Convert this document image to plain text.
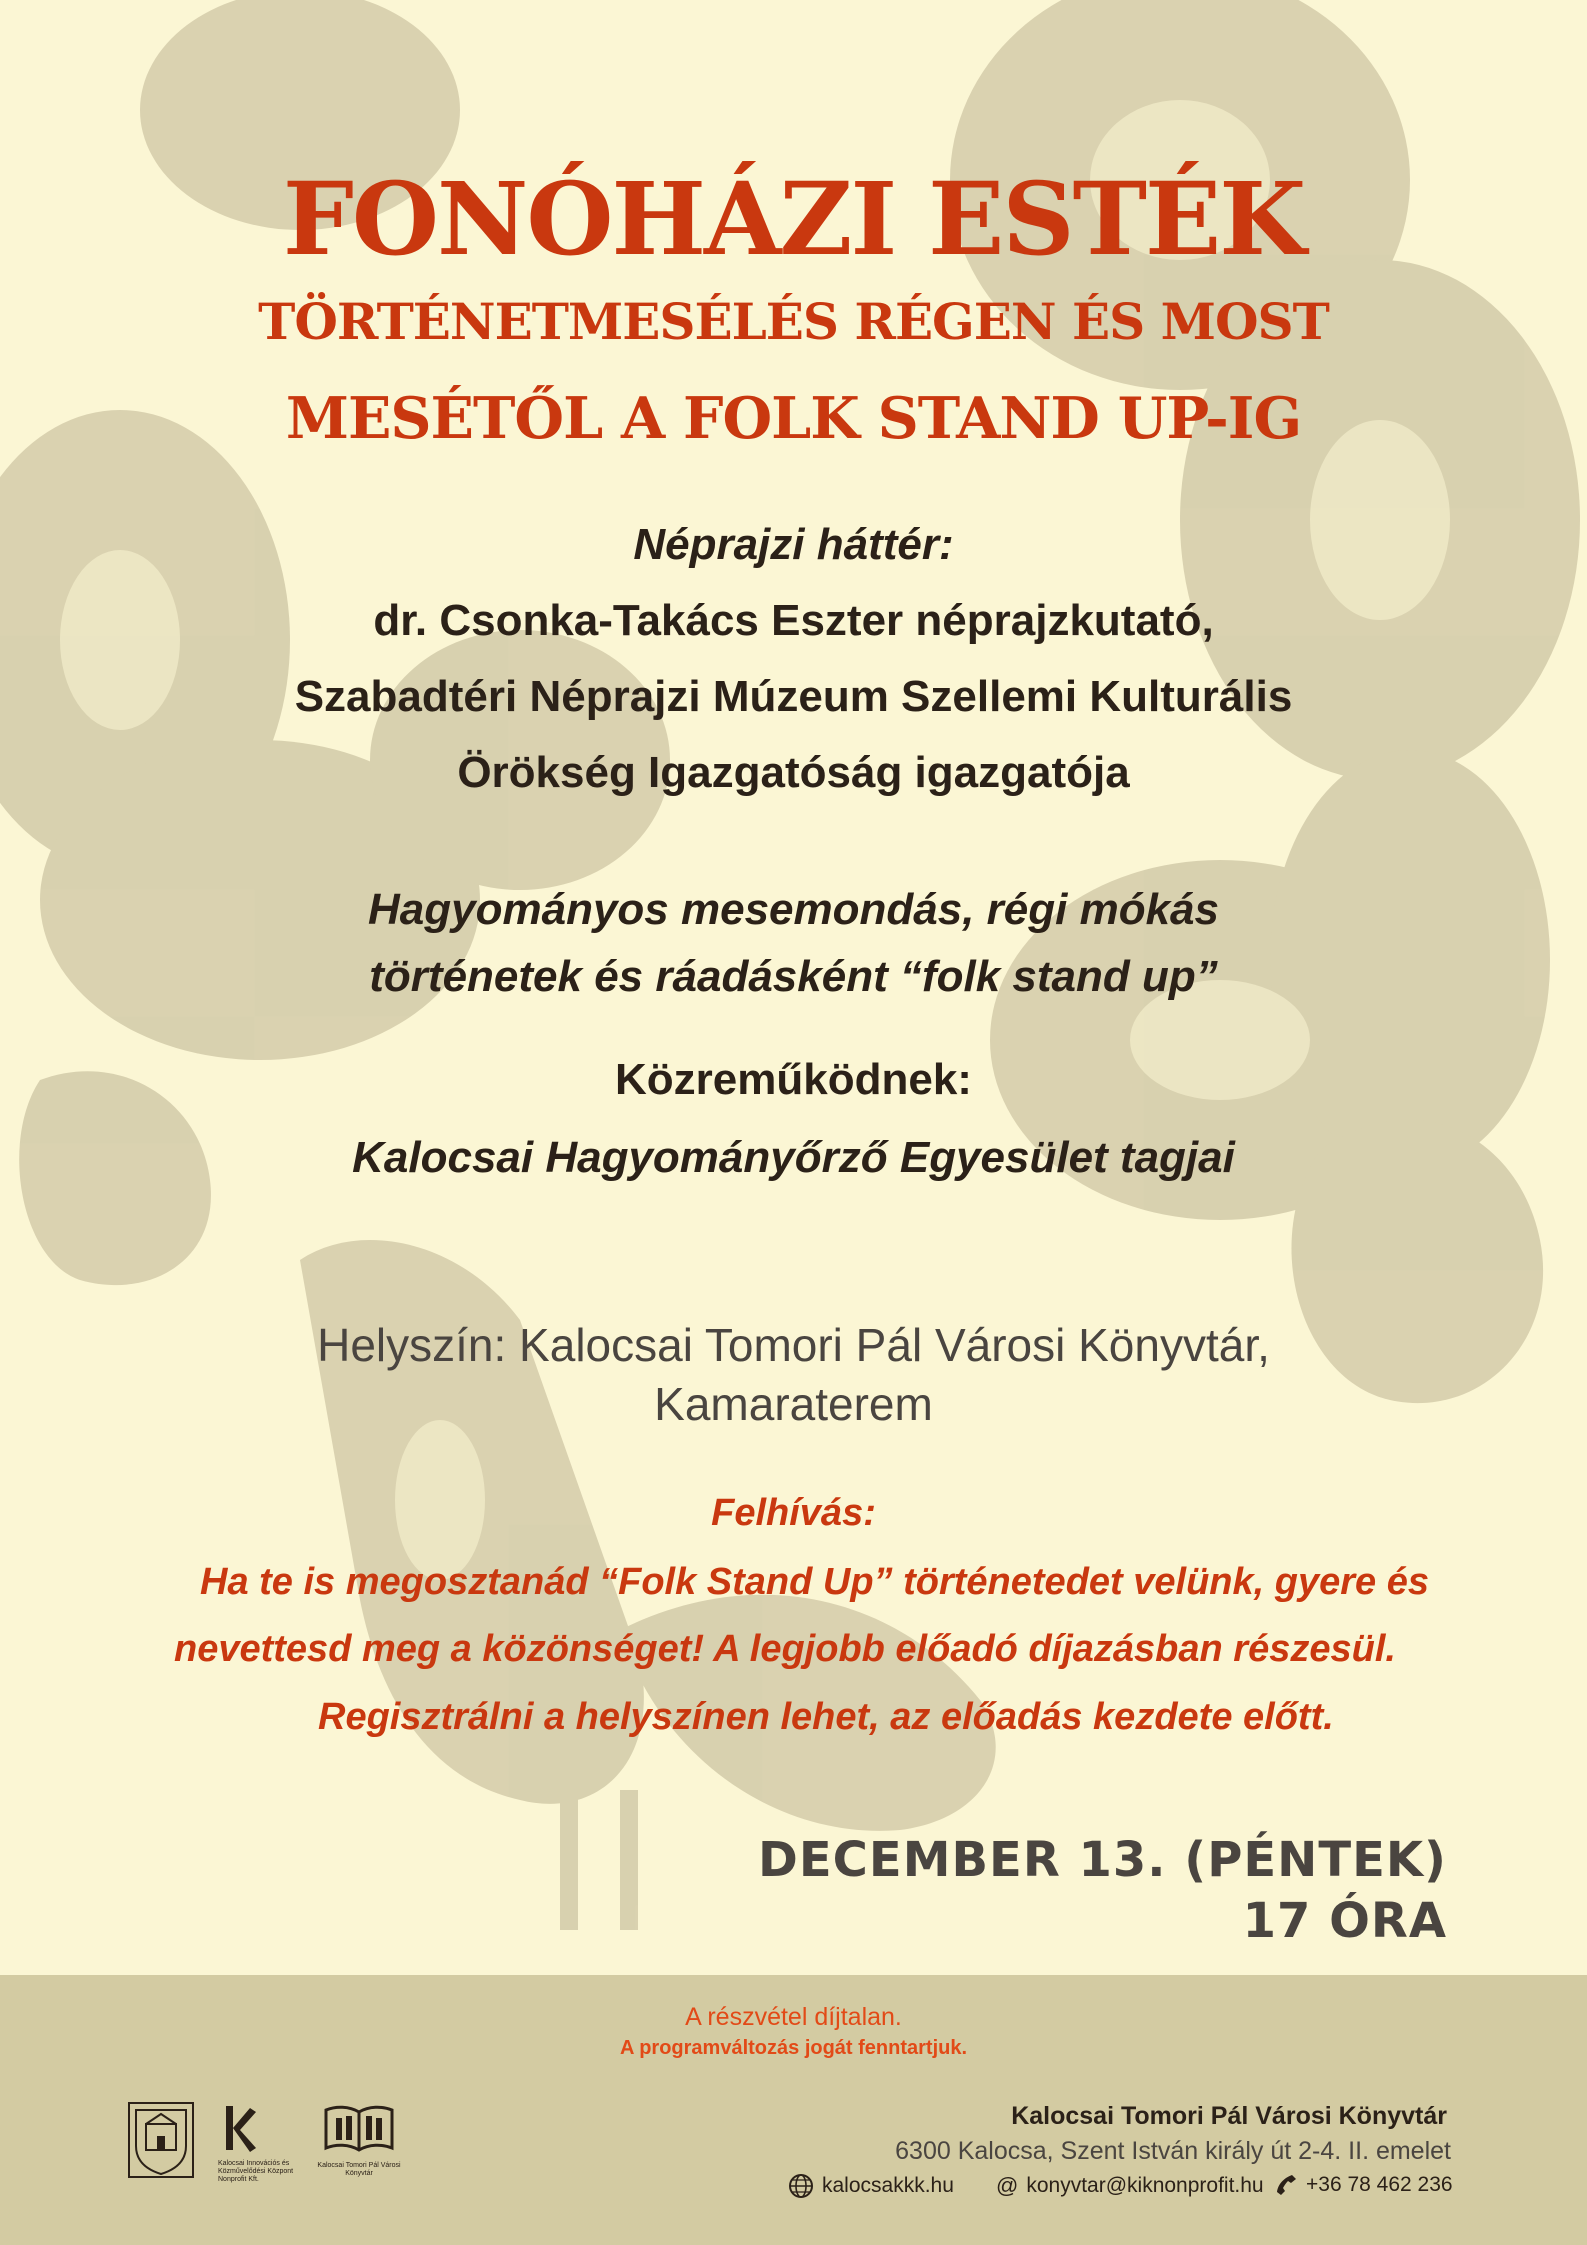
FONÓHÁZI ESTÉK
TÖRTÉNETMESÉLÉS RÉGEN ÉS MOST
MESÉTŐL A FOLK STAND UP-IG

Néprajzi háttér:

dr. Csonka-Takács Eszter néprajzkutató,

Szabadtéri Néprajzi Múzeum Szellemi Kulturális

Örökség Igazgatóság igazgatója

Hagyományos mesemondás, régi mókás

történetek és ráadásként “folk stand up”

Közreműködnek:

Kalocsai Hagyományőrző Egyesület tagjai

Helyszín: Kalocsai Tomori Pál Városi Könyvtár,

Kamaraterem

Felhívás:

Ha te is megosztanád “Folk Stand Up” történetedet velünk, gyere és

nevettesd meg a közönséget! A legjobb előadó díjazásban részesül.

Regisztrálni a helyszínen lehet, az előadás kezdete előtt.

DECEMBER 13. (PÉNTEK)

17 ÓRA

A részvétel díjtalan.

A programváltozás jogát fenntartjuk.

Kalocsai Innovációs és Közművelődési Központ Nonprofit Kft.
Kalocsai Tomori Pál Városi Könyvtár

Kalocsai Tomori Pál Városi Könyvtár

6300 Kalocsa, Szent István király út 2-4. II. emelet

kalocsakkk.hu @ konyvtar@kiknonprofit.hu +36 78 462 236
